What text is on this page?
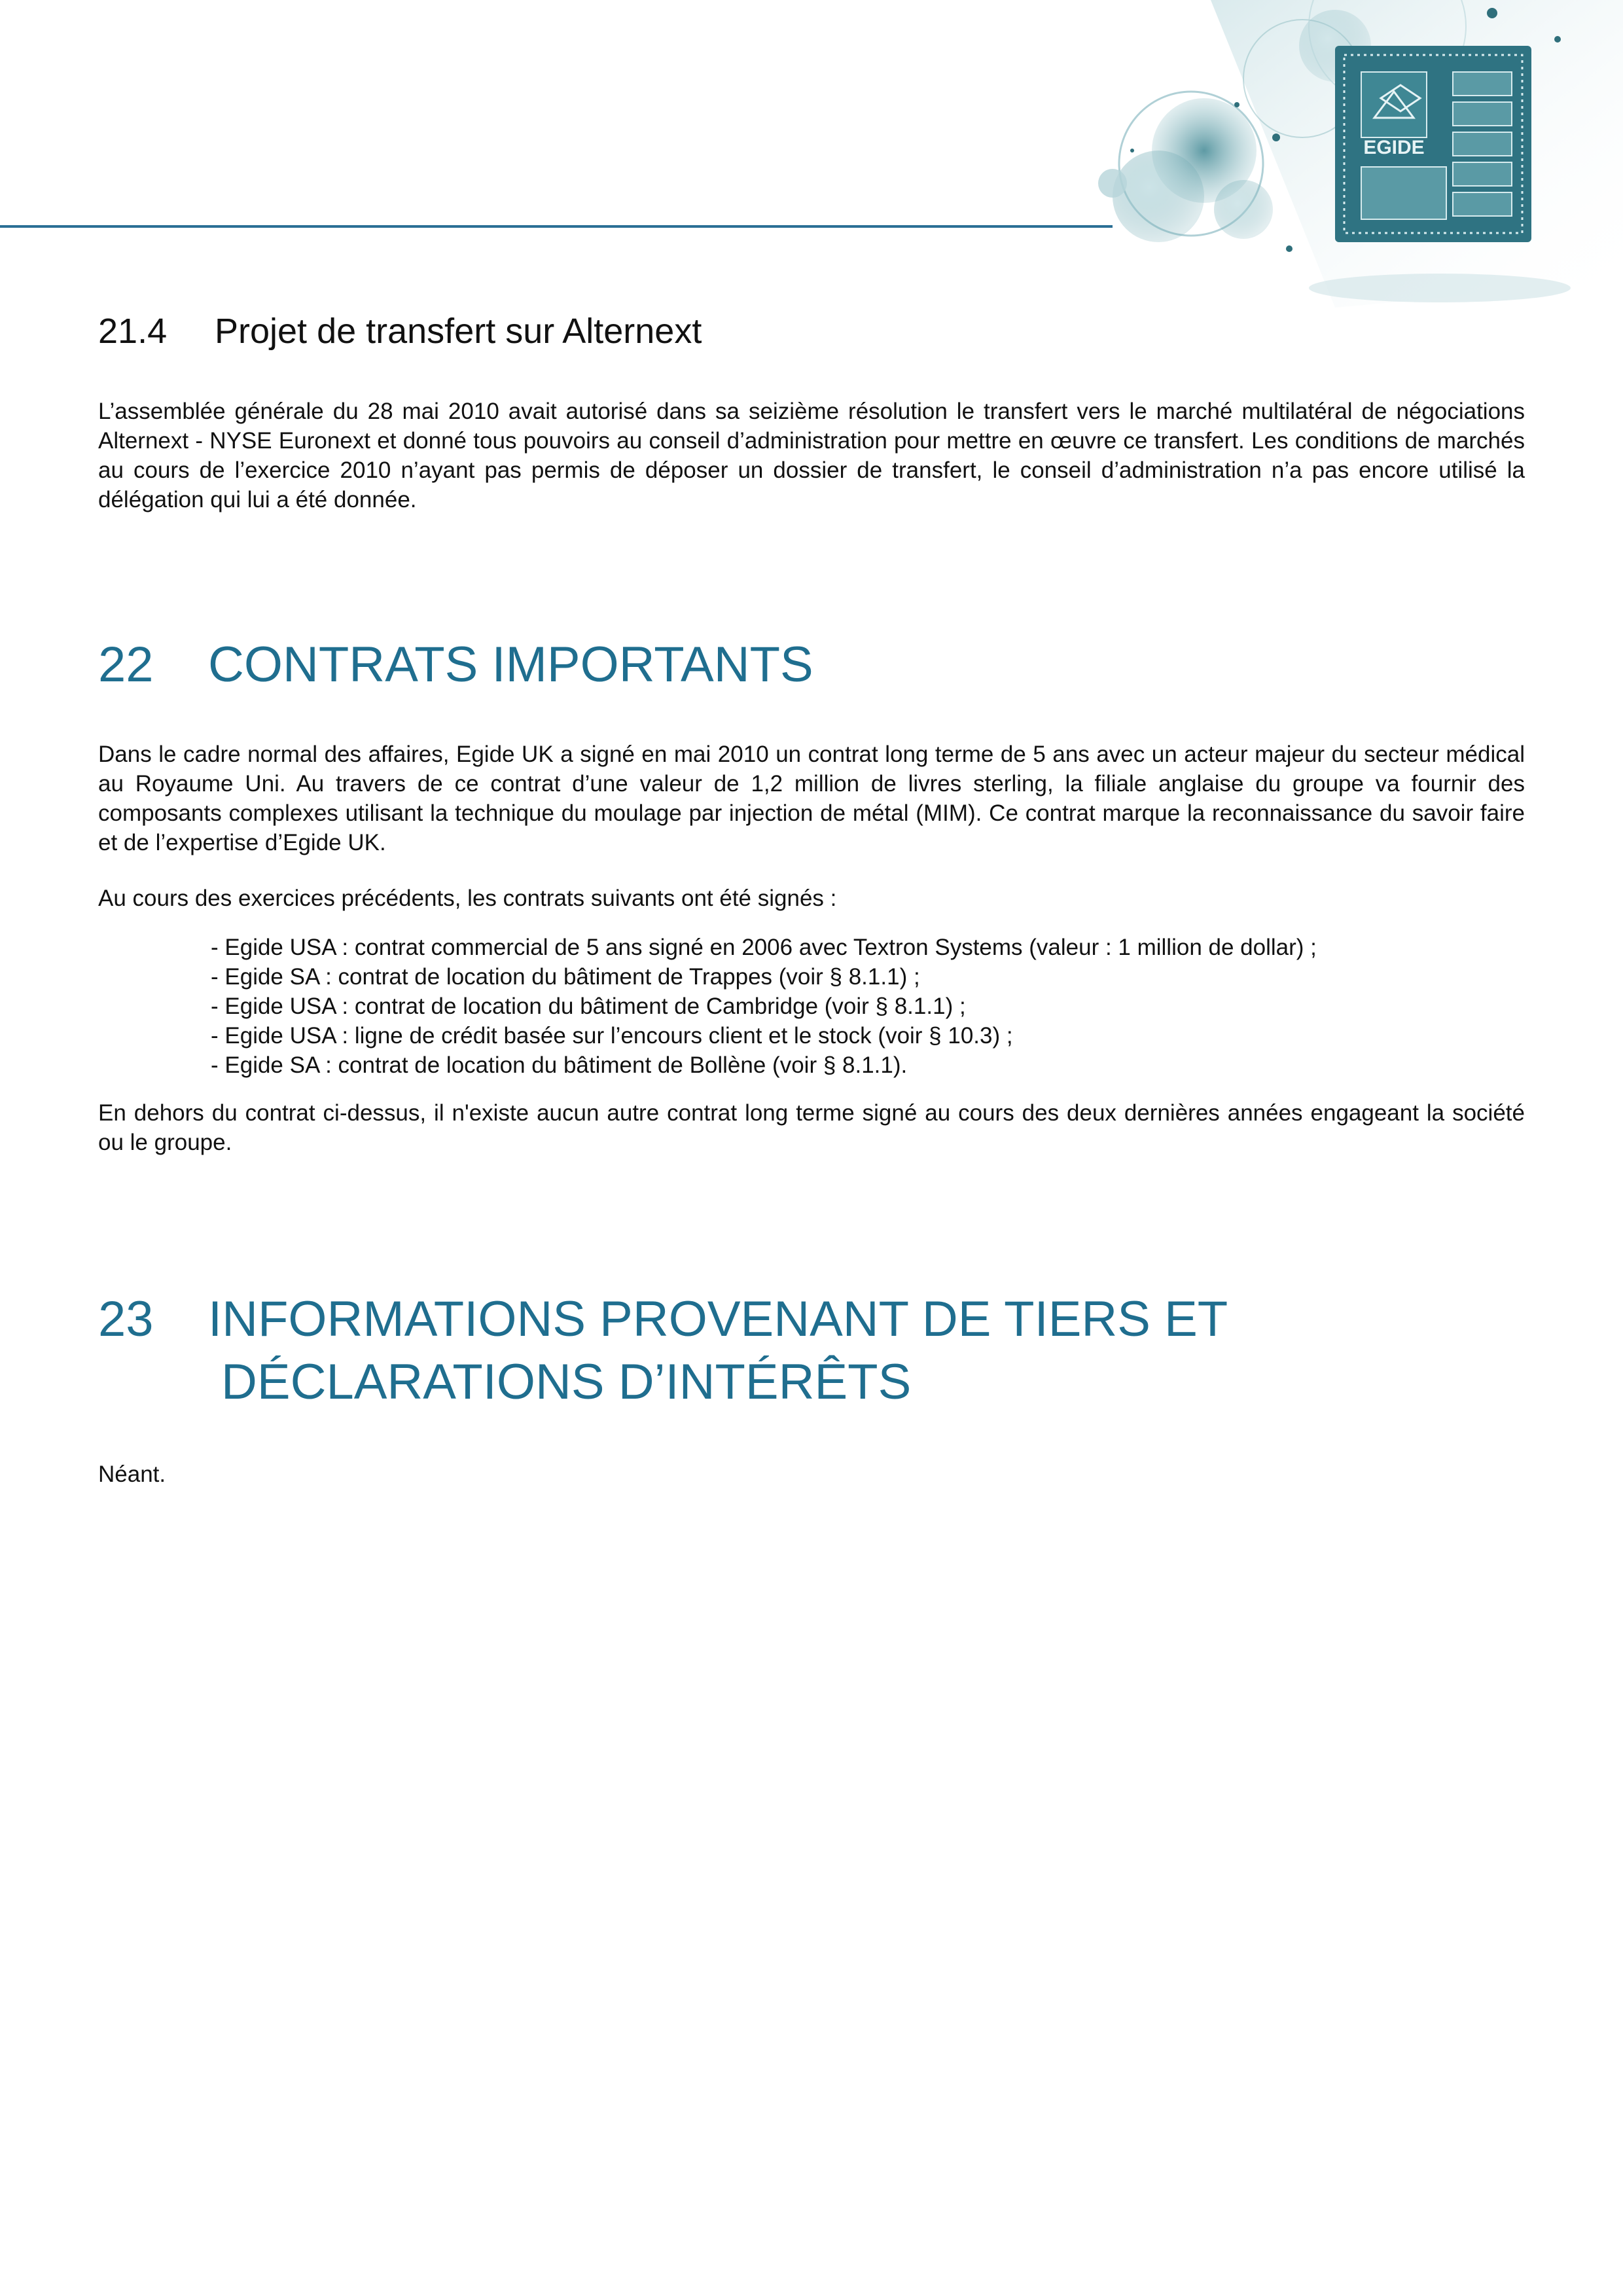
EGIDE
21.4	Projet de transfert sur Alternext

L’assemblée générale du 28 mai 2010 avait autorisé dans sa seizième résolution le transfert vers le marché multilatéral de négociations Alternext - NYSE Euronext et donné tous pouvoirs au conseil d’administration pour mettre en œuvre ce transfert. Les conditions de marchés au cours de l’exercice 2010 n’ayant pas permis de déposer un dossier de transfert, le conseil d’administration n’a pas encore utilisé la délégation qui lui a été donnée.

22	CONTRATS IMPORTANTS

Dans le cadre normal des affaires, Egide UK a signé en mai 2010 un contrat long terme de 5 ans avec un acteur majeur du secteur médical au Royaume Uni. Au travers de ce contrat d’une valeur de 1,2 million de livres sterling, la filiale anglaise du groupe va fournir des composants complexes utilisant la technique du moulage par injection de métal (MIM). Ce contrat marque la reconnaissance du savoir faire et de l’expertise d’Egide UK.

Au cours des exercices précédents, les contrats suivants ont été signés :

- Egide USA : contrat commercial de 5 ans signé en 2006 avec Textron Systems (valeur : 1 million de dollar) ;
- Egide SA : contrat de location du bâtiment de Trappes (voir § 8.1.1) ;
- Egide USA : contrat de location du bâtiment de Cambridge (voir § 8.1.1) ;
- Egide USA : ligne de crédit basée sur l’encours client et le stock (voir § 10.3) ;
- Egide SA : contrat de location du bâtiment de Bollène (voir § 8.1.1).

En dehors du contrat ci-dessus, il n'existe aucun autre contrat long terme signé au cours des deux dernières années engageant la société ou le groupe.

23	INFORMATIONS PROVENANT DE TIERS ET
DÉCLARATIONS D’INTÉRÊTS

Néant.
